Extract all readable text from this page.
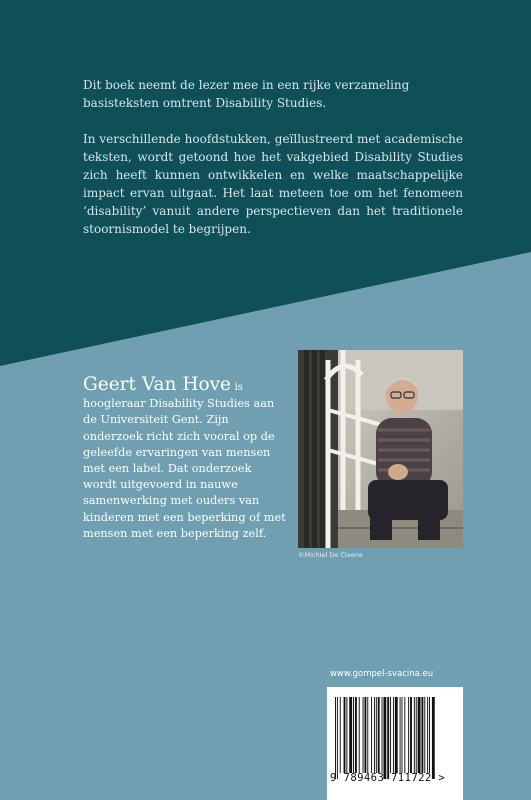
Dit boek neemt de lezer mee in een rijke verzameling basisteksten omtrent Disability Studies.

In verschillende hoofdstukken, geïllustreerd met academische teksten, wordt getoond hoe het vakgebied Disability Studies zich heeft kunnen ontwikkelen en welke maatschappelijke impact ervan uitgaat. Het laat meteen toe om het fenomeen ‘disability’ vanuit andere perspectieven dan het traditionele stoornismodel te begrijpen.

Geert Van Hove is
hoogleraar Disability Studies aan de Universiteit Gent. Zijn onderzoek richt zich vooral op de geleefde ervaringen van mensen met een label. Dat onderzoek wordt uitgevoerd in nauwe samenwerking met ouders van kinderen met een beperking of met mensen met een beperking zelf.
©Michiel De Cleene
www.gompel-svacina.eu
9 789463 711722 >
